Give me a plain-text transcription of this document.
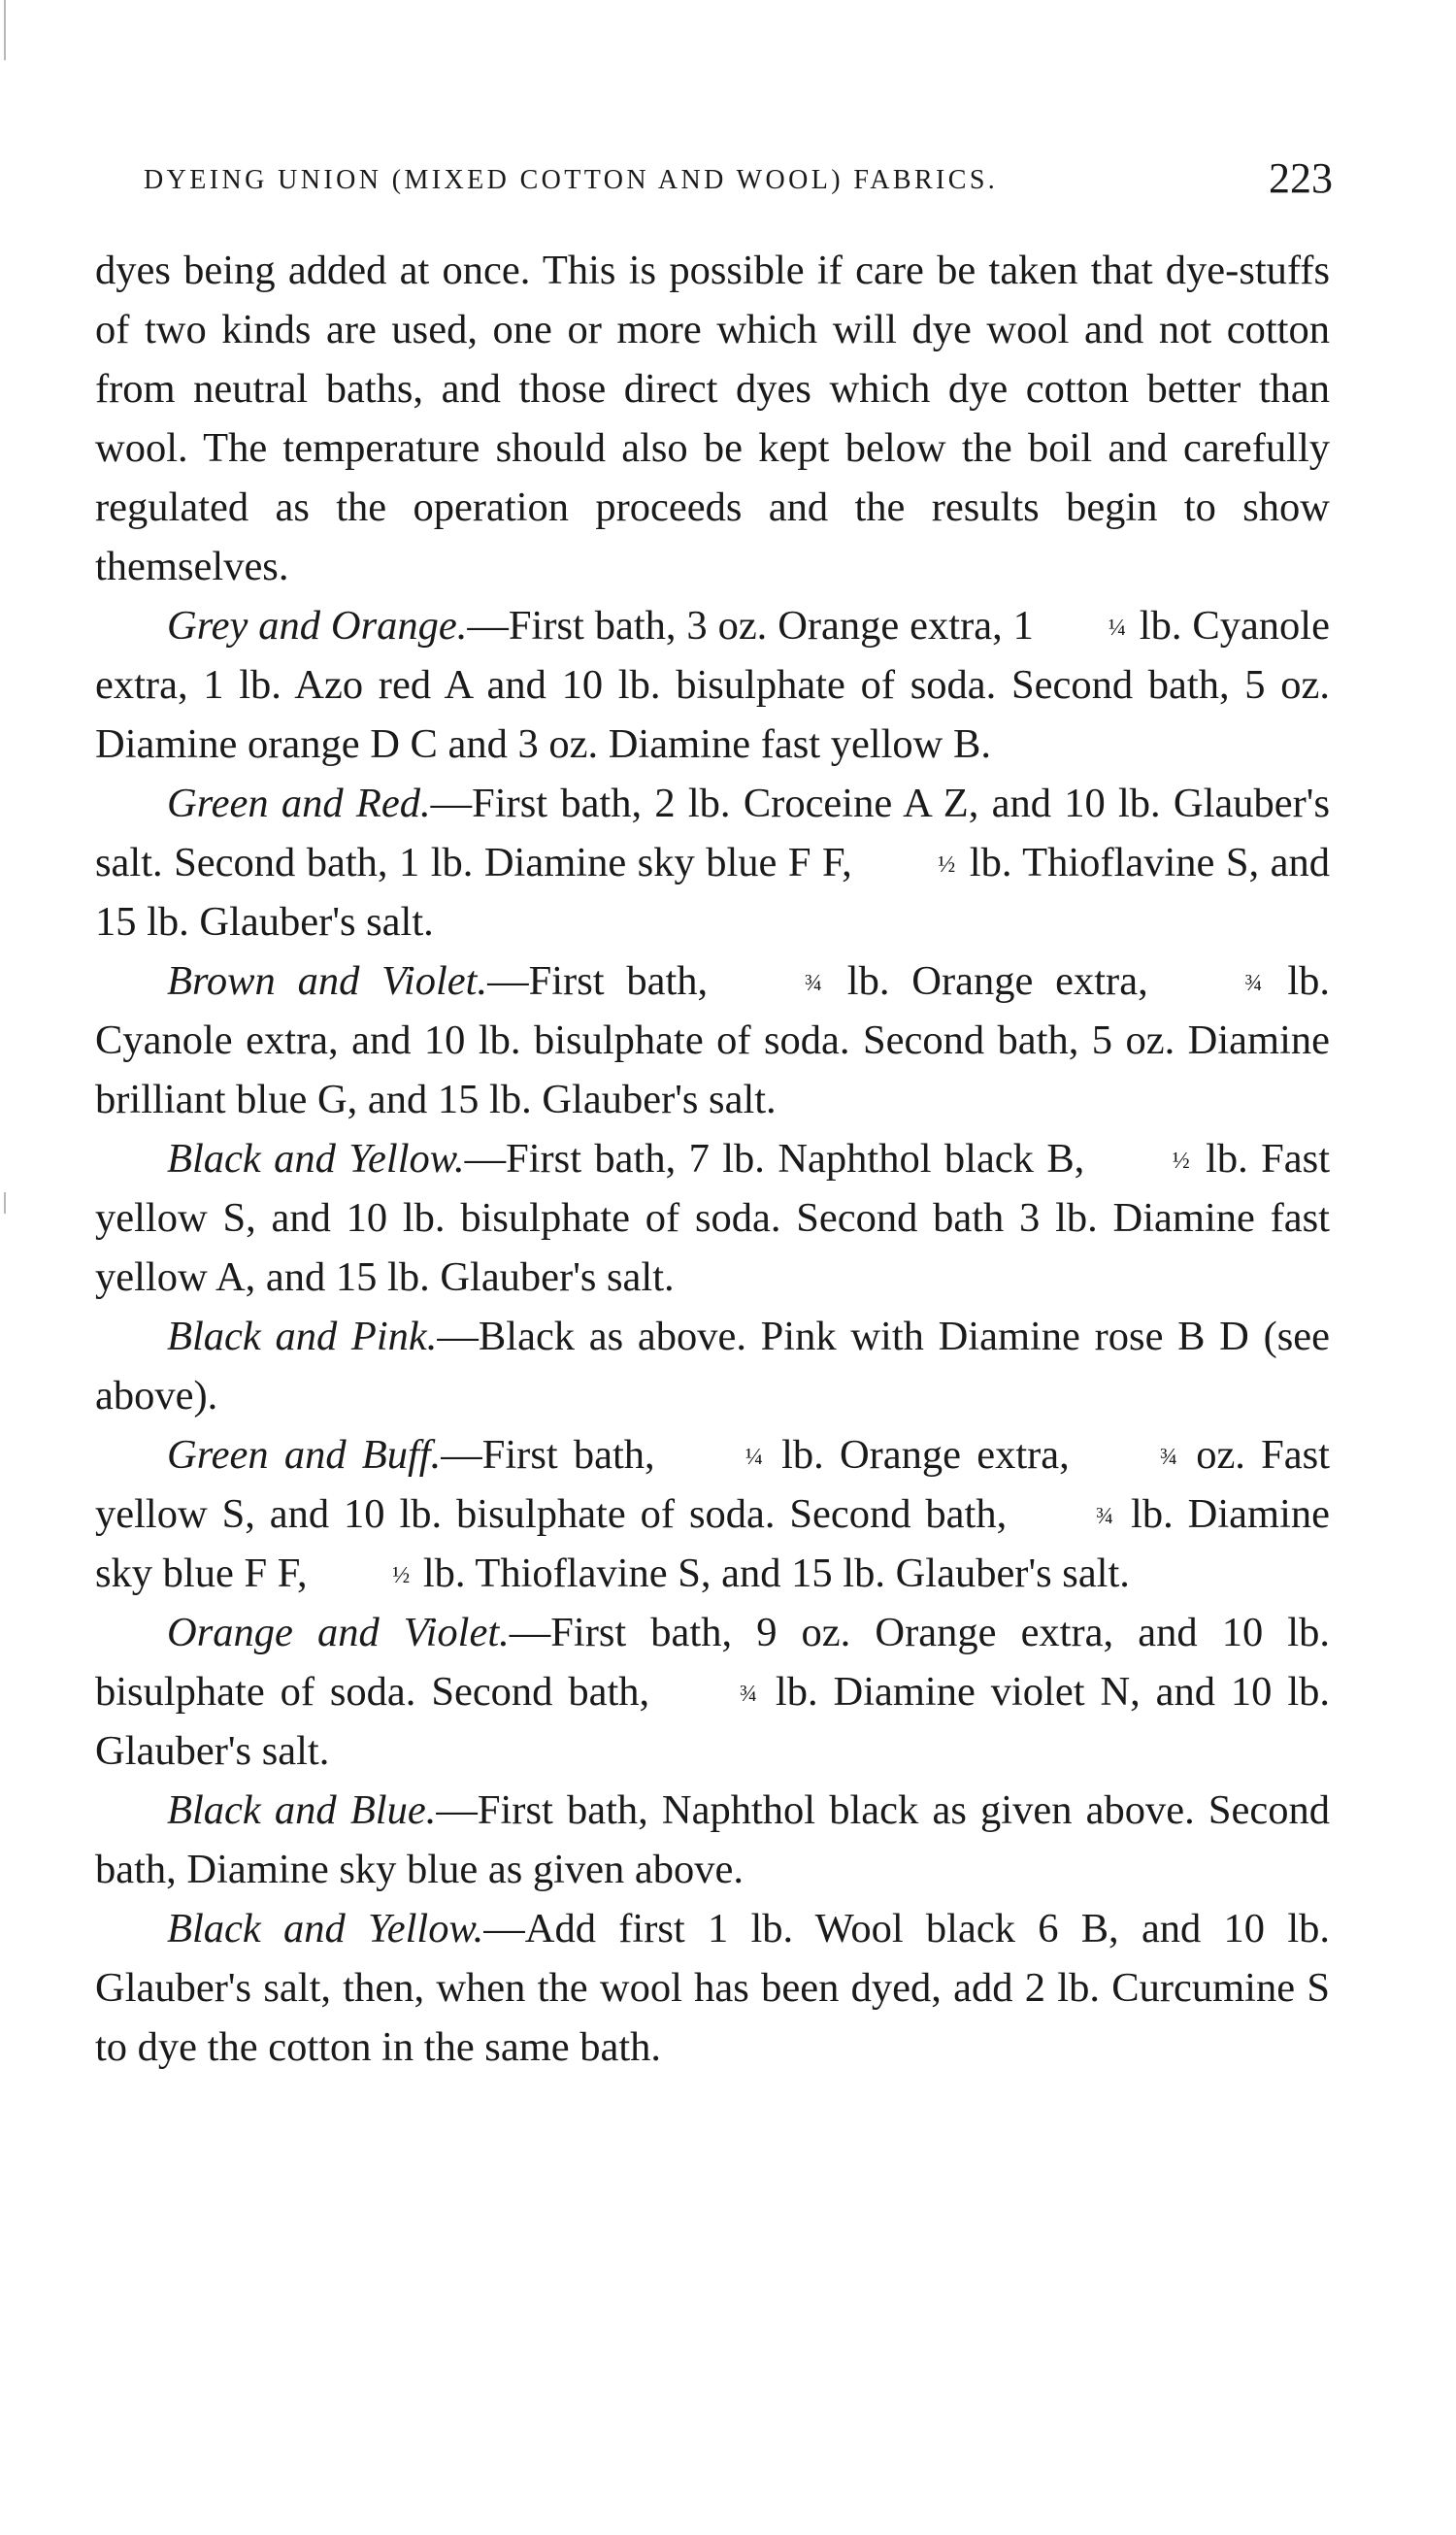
DYEING UNION (MIXED COTTON AND WOOL) FABRICS.	223

dyes being added at once. This is possible if care be taken that dye-stuffs of two kinds are used, one or more which will dye wool and not cotton from neutral baths, and those direct dyes which dye cotton better than wool. The temperature should also be kept below the boil and carefully regulated as the operation proceeds and the results begin to show themselves.

Grey and Orange.—First bath, 3 oz. Orange extra, 1	¼ lb. Cyanole extra, 1 lb. Azo red A and 10 lb. bisulphate of soda. Second bath, 5 oz. Diamine orange D C and 3 oz. Diamine fast yellow B.

Green and Red.—First bath, 2 lb. Croceine A Z, and 10 lb. Glauber's salt. Second bath, 1 lb. Diamine sky blue F F,	½ lb. Thioflavine S, and 15 lb. Glauber's salt.

Brown and Violet.—First bath,	¾ lb. Orange extra,	¾ lb. Cyanole extra, and 10 lb. bisulphate of soda. Second bath, 5 oz. Diamine brilliant blue G, and 15 lb. Glauber's salt.

Black and Yellow.—First bath, 7 lb. Naphthol black B,	½ lb. Fast yellow S, and 10 lb. bisulphate of soda. Second bath 3 lb. Diamine fast yellow A, and 15 lb. Glauber's salt.

Black and Pink.—Black as above. Pink with Diamine rose B D (see above).

Green and Buff.—First bath,	¼ lb. Orange extra,	¾ oz. Fast yellow S, and 10 lb. bisulphate of soda. Second bath,	¾ lb. Diamine sky blue F F,	½ lb. Thioflavine S, and 15 lb. Glauber's salt.

Orange and Violet.—First bath, 9 oz. Orange extra, and 10 lb. bisulphate of soda. Second bath,	¾ lb. Diamine violet N, and 10 lb. Glauber's salt.

Black and Blue.—First bath, Naphthol black as given above. Second bath, Diamine sky blue as given above.

Black and Yellow.—Add first 1 lb. Wool black 6 B, and 10 lb. Glauber's salt, then, when the wool has been dyed, add 2 lb. Curcumine S to dye the cotton in the same bath.
